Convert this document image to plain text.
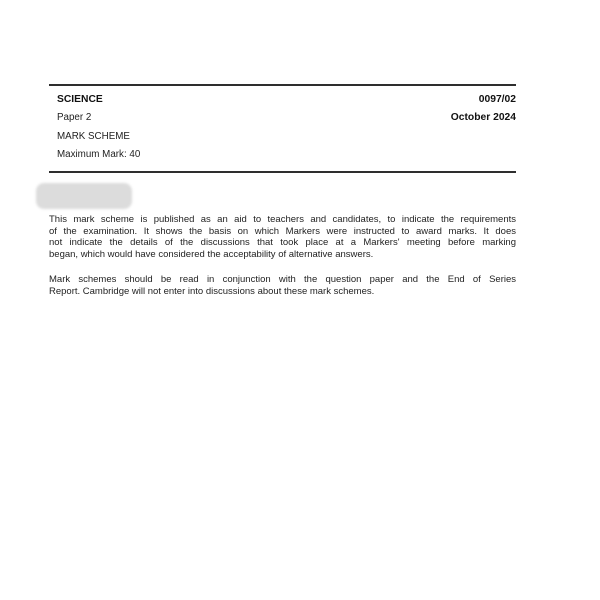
SCIENCE	0097/02
Paper 2	October 2024
MARK SCHEME
Maximum Mark: 40
This mark scheme is published as an aid to teachers and candidates, to indicate the requirements
of the examination. It shows the basis on which Markers were instructed to award marks. It does
not indicate the details of the discussions that took place at a Markers' meeting before marking
began, which would have considered the acceptability of alternative answers.
Mark schemes should be read in conjunction with the question paper and the End of Series
Report. Cambridge will not enter into discussions about these mark schemes.
